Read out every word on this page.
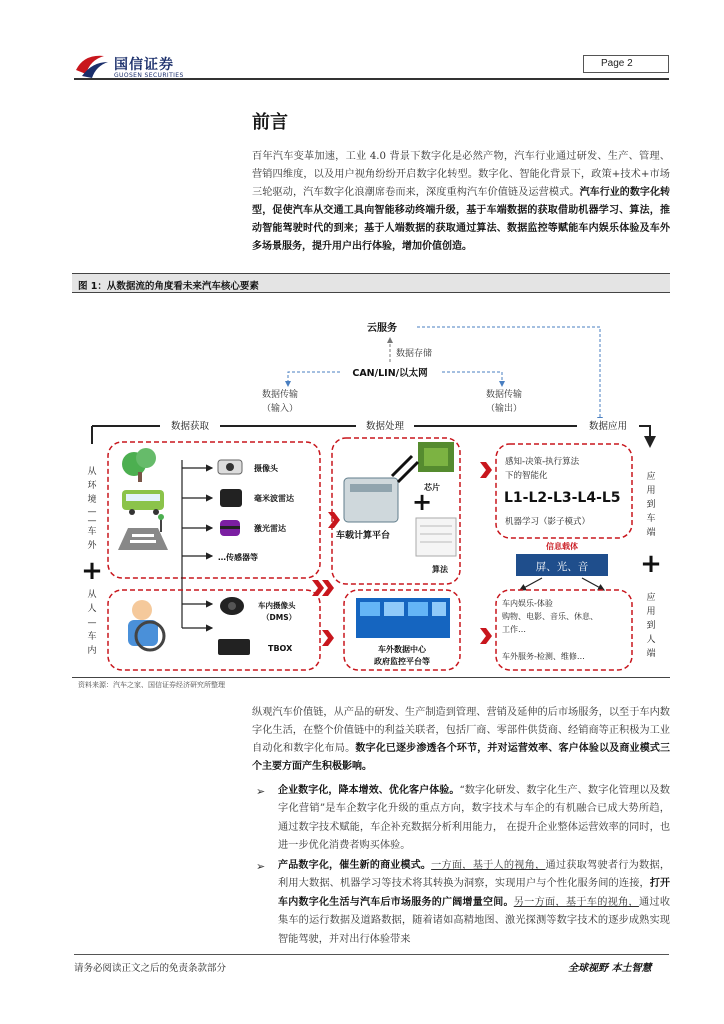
国信证券
GUOSEN SECURITIES
Page 2
前言
百年汽车变革加速，工业 4.0 背景下数字化是必然产物，汽车行业通过研发、生产、管理、营销四维度，以及用户视角纷纷开启数字化转型。数字化、智能化背景下，政策+技术+市场三轮驱动，汽车数字化浪潮席卷而来，深度重构汽车价值链及运营模式。汽车行业的数字化转型，促使汽车从交通工具向智能移动终端升级，基于车端数据的获取借助机器学习、算法，推动智能驾驶时代的到来；基于人端数据的获取通过算法、数据监控等赋能车内娱乐体验及车外多场景服务，提升用户出行体验，增加价值创造。
图 1：从数据流的角度看未来汽车核心要素
云服务
数据存储
CAN/LIN/以太网
数据传输
（输入）
数据传输
（输出）
数据获取	数据处理	数据应用
从
环
境
—
—
车
外
+
从
人
—
车
内
应
用
到
车
端
+
应
用
到
人
端
摄像头
毫米波雷达
激光雷达
…传感器等
车内摄像头
（DMS）
TBOX
+
芯片
车载计算平台
算法
车外数据中心
政府监控平台等
感知-决策-执行算法
下的智能化
L1-L2-L3-L4-L5
机器学习（影子模式）
信息载体
屏、光、音
车内娱乐-体验
购物、电影、音乐、休息、
工作…
车外服务-检测、维修…
资料来源：汽车之家、国信证券经济研究所整理
纵观汽车价值链，从产品的研发、生产制造到管理、营销及延伸的后市场服务，以至于车内数字化生活，在整个价值链中的利益关联者，包括厂商、零部件供货商、经销商等正积极为工业自动化和数字化布局。数字化已逐步渗透各个环节，并对运营效率、客户体验以及商业模式三个主要方面产生积极影响。
➢ 企业数字化，降本增效、优化客户体验。“数字化研发、数字化生产、数字化管理以及数字化营销”是车企数字化升级的重点方向，数字技术与车企的有机融合已成大势所趋，通过数字技术赋能，车企补充数据分析利用能力， 在提升企业整体运营效率的同时，也进一步优化消费者购买体验。
➢ 产品数字化，催生新的商业模式。一方面，基于人的视角，通过获取驾驶者行为数据，利用大数据、机器学习等技术将其转换为洞察，实现用户与个性化服务间的连接，打开车内数字化生活与汽车后市场服务的广阔增量空间。另一方面，基于车的视角，通过收集车的运行数据及道路数据，随着诸如高精地图、激光探测等数字技术的逐步成熟实现智能驾驶，并对出行体验带来
请务必阅读正文之后的免责条款部分	全球视野 本土智慧
